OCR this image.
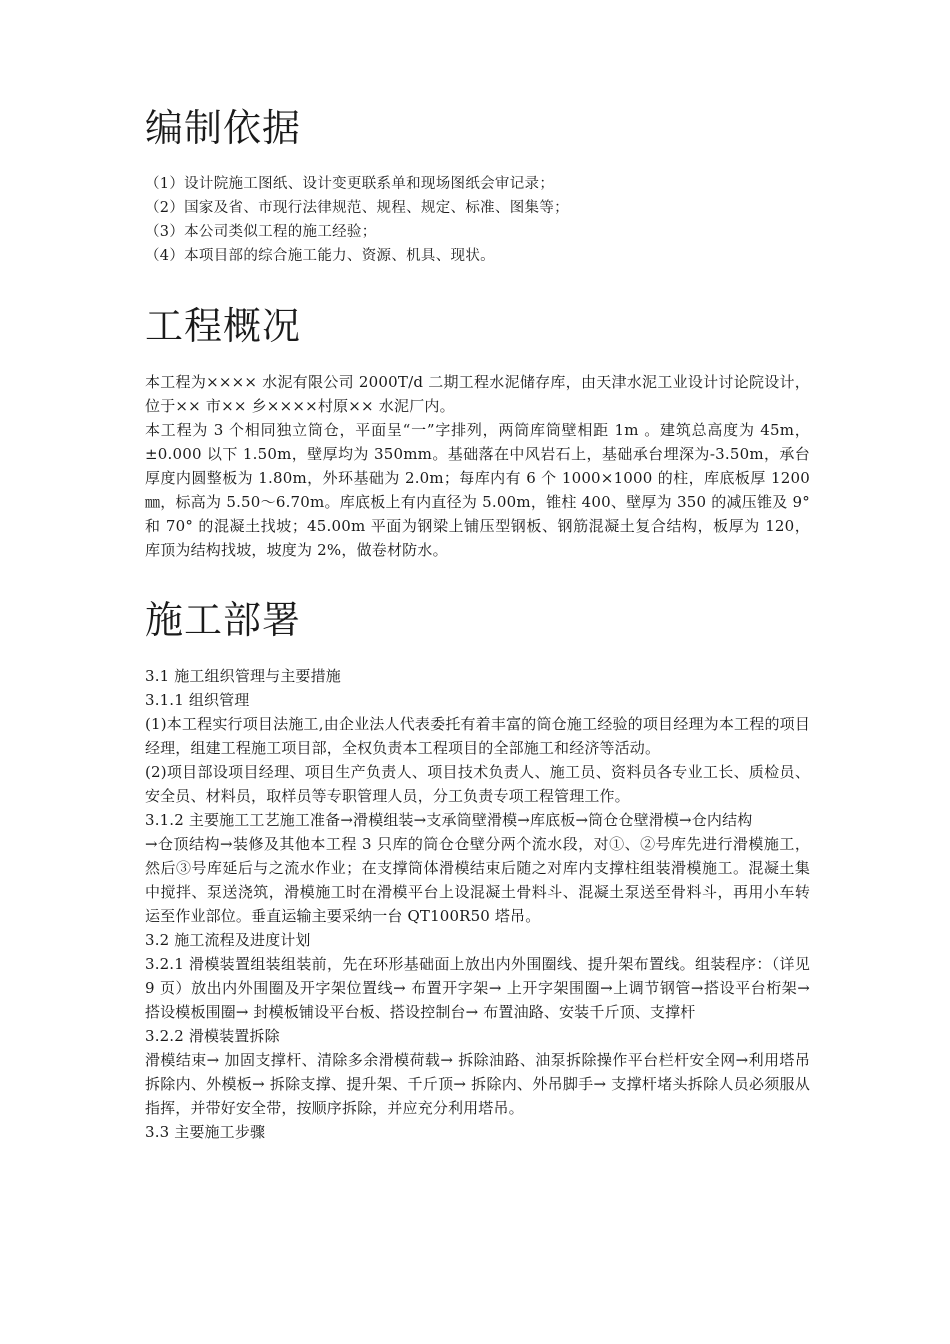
编制依据
（1）设计院施工图纸、设计变更联系单和现场图纸会审记录；
（2）国家及省、市现行法律规范、规程、规定、标准、图集等；
（3）本公司类似工程的施工经验；
（4）本项目部的综合施工能力、资源、机具、现状。
工程概况

本工程为×××× 水泥有限公司 2000T/d 二期工程水泥储存库，由天津水泥工业设计讨论院设计，位于×× 市×× 乡××××村原×× 水泥厂内。

本工程为 3 个相同独立筒仓，平面呈“一”字排列，两筒库筒壁相距 1m 。建筑总高度为 45m，±0.000 以下 1.50m，壁厚均为 350mm。基础落在中风岩石上，基础承台埋深为-3.50m，承台厚度内圆整板为 1.80m，外环基础为 2.0m；每库内有 6 个 1000×1000 的柱，库底板厚 1200 ㎜，标高为 5.50～6.70m。库底板上有内直径为 5.00m，锥柱 400、壁厚为 350 的减压锥及 9°和 70° 的混凝土找坡；45.00m 平面为钢梁上铺压型钢板、钢筋混凝土复合结构，板厚为 120，库顶为结构找坡，坡度为 2%，做卷材防水。

施工部署

3.1 施工组织管理与主要措施

3.1.1 组织管理

(1)本工程实行项目法施工,由企业法人代表委托有着丰富的筒仓施工经验的项目经理为本工程的项目经理，组建工程施工项目部，全权负责本工程项目的全部施工和经济等活动。

(2)项目部设项目经理、项目生产负责人、项目技术负责人、施工员、资料员各专业工长、质检员、安全员、材料员，取样员等专职管理人员，分工负责专项工程管理工作。

3.1.2 主要施工工艺施工准备→滑模组装→支承筒壁滑模→库底板→筒仓仓壁滑模→仓内结构

→仓顶结构→装修及其他本工程 3 只库的筒仓仓壁分两个流水段，对①、②号库先进行滑模施工，然后③号库延后与之流水作业；在支撑筒体滑模结束后随之对库内支撑柱组装滑模施工。混凝土集中搅拌、泵送浇筑，滑模施工时在滑模平台上设混凝土骨料斗、混凝土泵送至骨料斗，再用小车转运至作业部位。垂直运输主要采纳一台 QT100R50 塔吊。

3.2 施工流程及进度计划

3.2.1 滑模装置组装组装前，先在环形基础面上放出内外围圈线、提升架布置线。组装程序：（详见 9 页）放出内外围圈及开字架位置线→ 布置开字架→ 上开字架围圈→上调节钢管→搭设平台桁架→ 搭设模板围圈→ 封模板铺设平台板、搭设控制台→ 布置油路、安装千斤顶、支撑杆

3.2.2 滑模装置拆除

滑模结束→ 加固支撑杆、清除多余滑模荷载→ 拆除油路、油泵拆除操作平台栏杆安全网→利用塔吊拆除内、外模板→ 拆除支撑、提升架、千斤顶→ 拆除内、外吊脚手→ 支撑杆堵头拆除人员必须服从指挥，并带好安全带，按顺序拆除，并应充分利用塔吊。

3.3 主要施工步骤
